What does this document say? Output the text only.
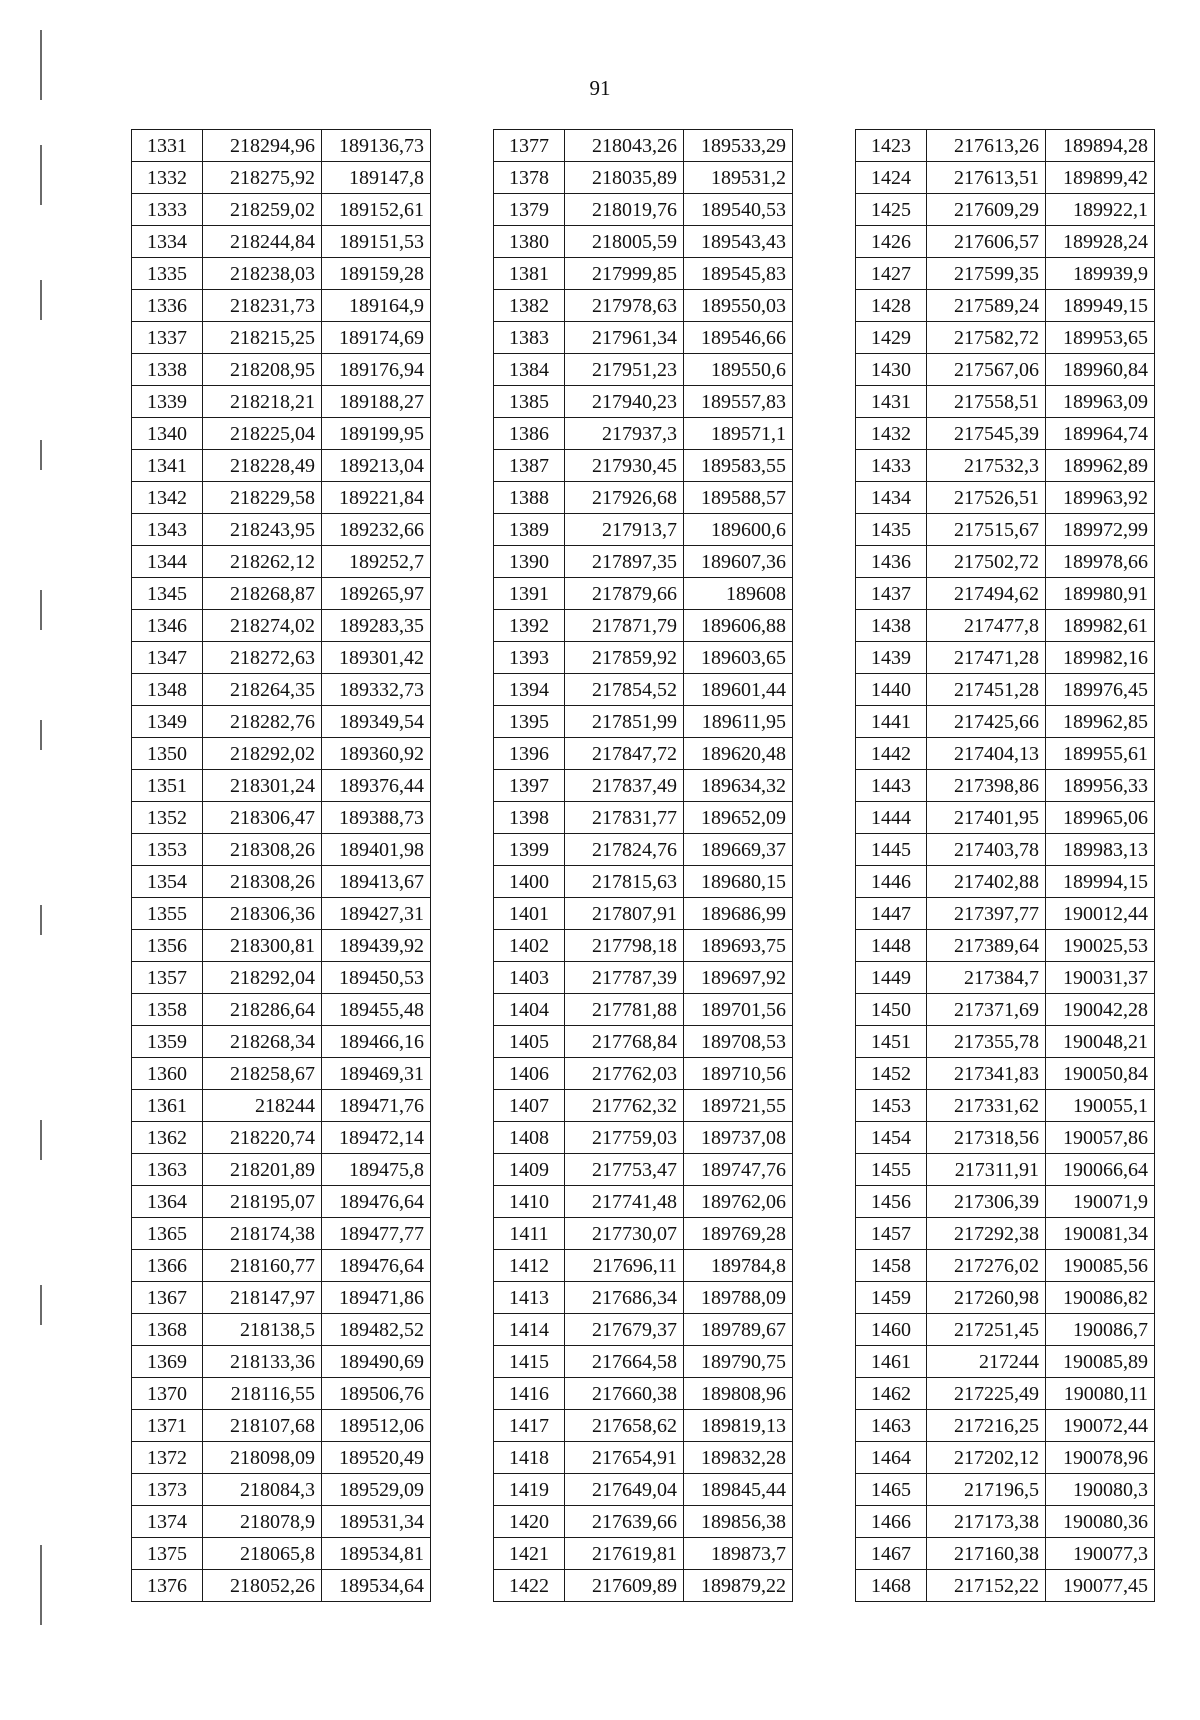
91
1331	218294,96	189136,73
1332	218275,92	189147,8
1333	218259,02	189152,61
1334	218244,84	189151,53
1335	218238,03	189159,28
1336	218231,73	189164,9
1337	218215,25	189174,69
1338	218208,95	189176,94
1339	218218,21	189188,27
1340	218225,04	189199,95
1341	218228,49	189213,04
1342	218229,58	189221,84
1343	218243,95	189232,66
1344	218262,12	189252,7
1345	218268,87	189265,97
1346	218274,02	189283,35
1347	218272,63	189301,42
1348	218264,35	189332,73
1349	218282,76	189349,54
1350	218292,02	189360,92
1351	218301,24	189376,44
1352	218306,47	189388,73
1353	218308,26	189401,98
1354	218308,26	189413,67
1355	218306,36	189427,31
1356	218300,81	189439,92
1357	218292,04	189450,53
1358	218286,64	189455,48
1359	218268,34	189466,16
1360	218258,67	189469,31
1361	218244	189471,76
1362	218220,74	189472,14
1363	218201,89	189475,8
1364	218195,07	189476,64
1365	218174,38	189477,77
1366	218160,77	189476,64
1367	218147,97	189471,86
1368	218138,5	189482,52
1369	218133,36	189490,69
1370	218116,55	189506,76
1371	218107,68	189512,06
1372	218098,09	189520,49
1373	218084,3	189529,09
1374	218078,9	189531,34
1375	218065,8	189534,81
1376	218052,26	189534,64
1377	218043,26	189533,29
1378	218035,89	189531,2
1379	218019,76	189540,53
1380	218005,59	189543,43
1381	217999,85	189545,83
1382	217978,63	189550,03
1383	217961,34	189546,66
1384	217951,23	189550,6
1385	217940,23	189557,83
1386	217937,3	189571,1
1387	217930,45	189583,55
1388	217926,68	189588,57
1389	217913,7	189600,6
1390	217897,35	189607,36
1391	217879,66	189608
1392	217871,79	189606,88
1393	217859,92	189603,65
1394	217854,52	189601,44
1395	217851,99	189611,95
1396	217847,72	189620,48
1397	217837,49	189634,32
1398	217831,77	189652,09
1399	217824,76	189669,37
1400	217815,63	189680,15
1401	217807,91	189686,99
1402	217798,18	189693,75
1403	217787,39	189697,92
1404	217781,88	189701,56
1405	217768,84	189708,53
1406	217762,03	189710,56
1407	217762,32	189721,55
1408	217759,03	189737,08
1409	217753,47	189747,76
1410	217741,48	189762,06
1411	217730,07	189769,28
1412	217696,11	189784,8
1413	217686,34	189788,09
1414	217679,37	189789,67
1415	217664,58	189790,75
1416	217660,38	189808,96
1417	217658,62	189819,13
1418	217654,91	189832,28
1419	217649,04	189845,44
1420	217639,66	189856,38
1421	217619,81	189873,7
1422	217609,89	189879,22
1423	217613,26	189894,28
1424	217613,51	189899,42
1425	217609,29	189922,1
1426	217606,57	189928,24
1427	217599,35	189939,9
1428	217589,24	189949,15
1429	217582,72	189953,65
1430	217567,06	189960,84
1431	217558,51	189963,09
1432	217545,39	189964,74
1433	217532,3	189962,89
1434	217526,51	189963,92
1435	217515,67	189972,99
1436	217502,72	189978,66
1437	217494,62	189980,91
1438	217477,8	189982,61
1439	217471,28	189982,16
1440	217451,28	189976,45
1441	217425,66	189962,85
1442	217404,13	189955,61
1443	217398,86	189956,33
1444	217401,95	189965,06
1445	217403,78	189983,13
1446	217402,88	189994,15
1447	217397,77	190012,44
1448	217389,64	190025,53
1449	217384,7	190031,37
1450	217371,69	190042,28
1451	217355,78	190048,21
1452	217341,83	190050,84
1453	217331,62	190055,1
1454	217318,56	190057,86
1455	217311,91	190066,64
1456	217306,39	190071,9
1457	217292,38	190081,34
1458	217276,02	190085,56
1459	217260,98	190086,82
1460	217251,45	190086,7
1461	217244	190085,89
1462	217225,49	190080,11
1463	217216,25	190072,44
1464	217202,12	190078,96
1465	217196,5	190080,3
1466	217173,38	190080,36
1467	217160,38	190077,3
1468	217152,22	190077,45
